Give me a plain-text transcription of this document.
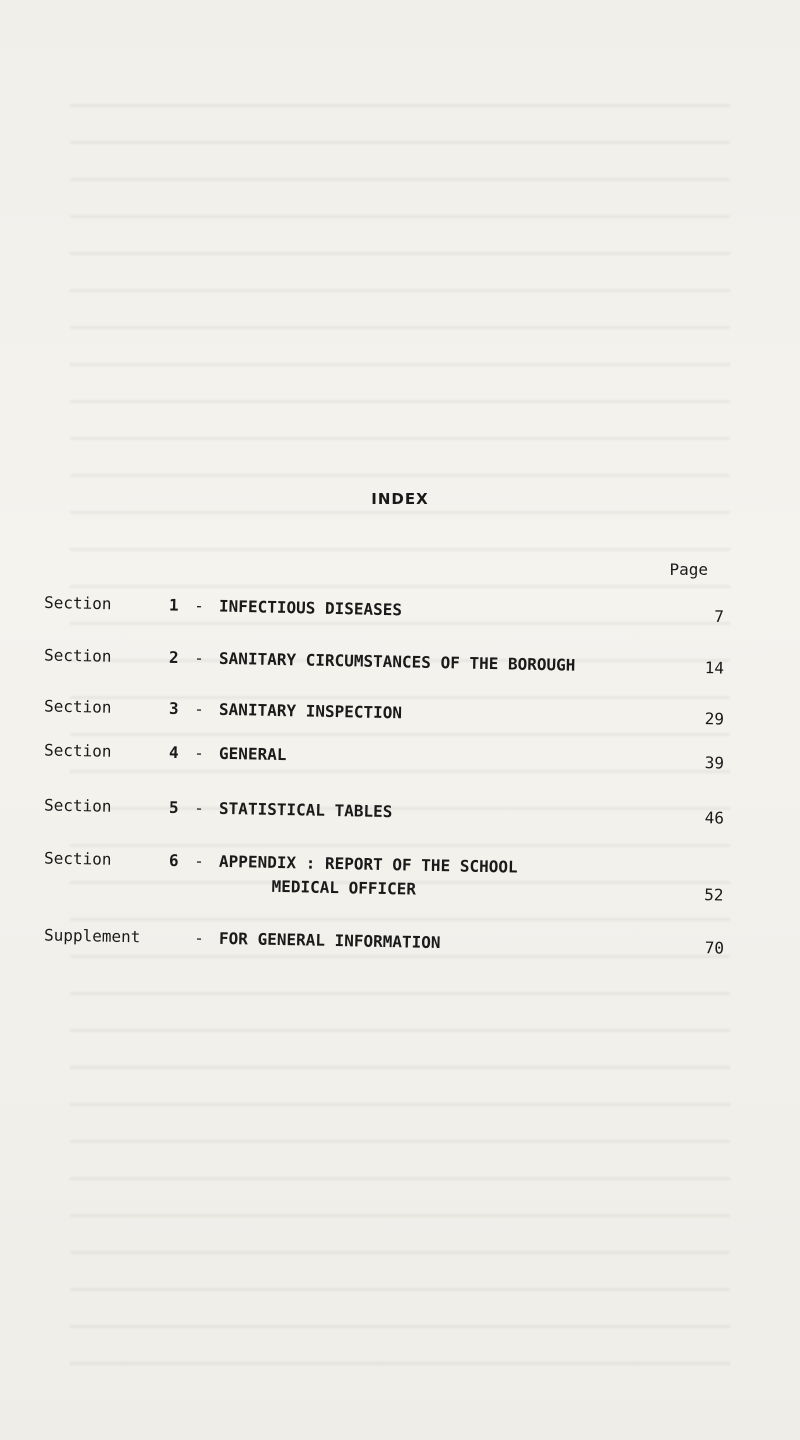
INDEX
Page
Section	1 - INFECTIOUS DISEASES	7
Section	2 - SANITARY CIRCUMSTANCES OF THE BOROUGH	14
Section	3 - SANITARY INSPECTION	29
Section	4 - GENERAL	39
Section	5 - STATISTICAL TABLES	46
Section	6 - APPENDIX : REPORT OF THE SCHOOL
MEDICAL OFFICER	52
Supplement	- FOR GENERAL INFORMATION	70
